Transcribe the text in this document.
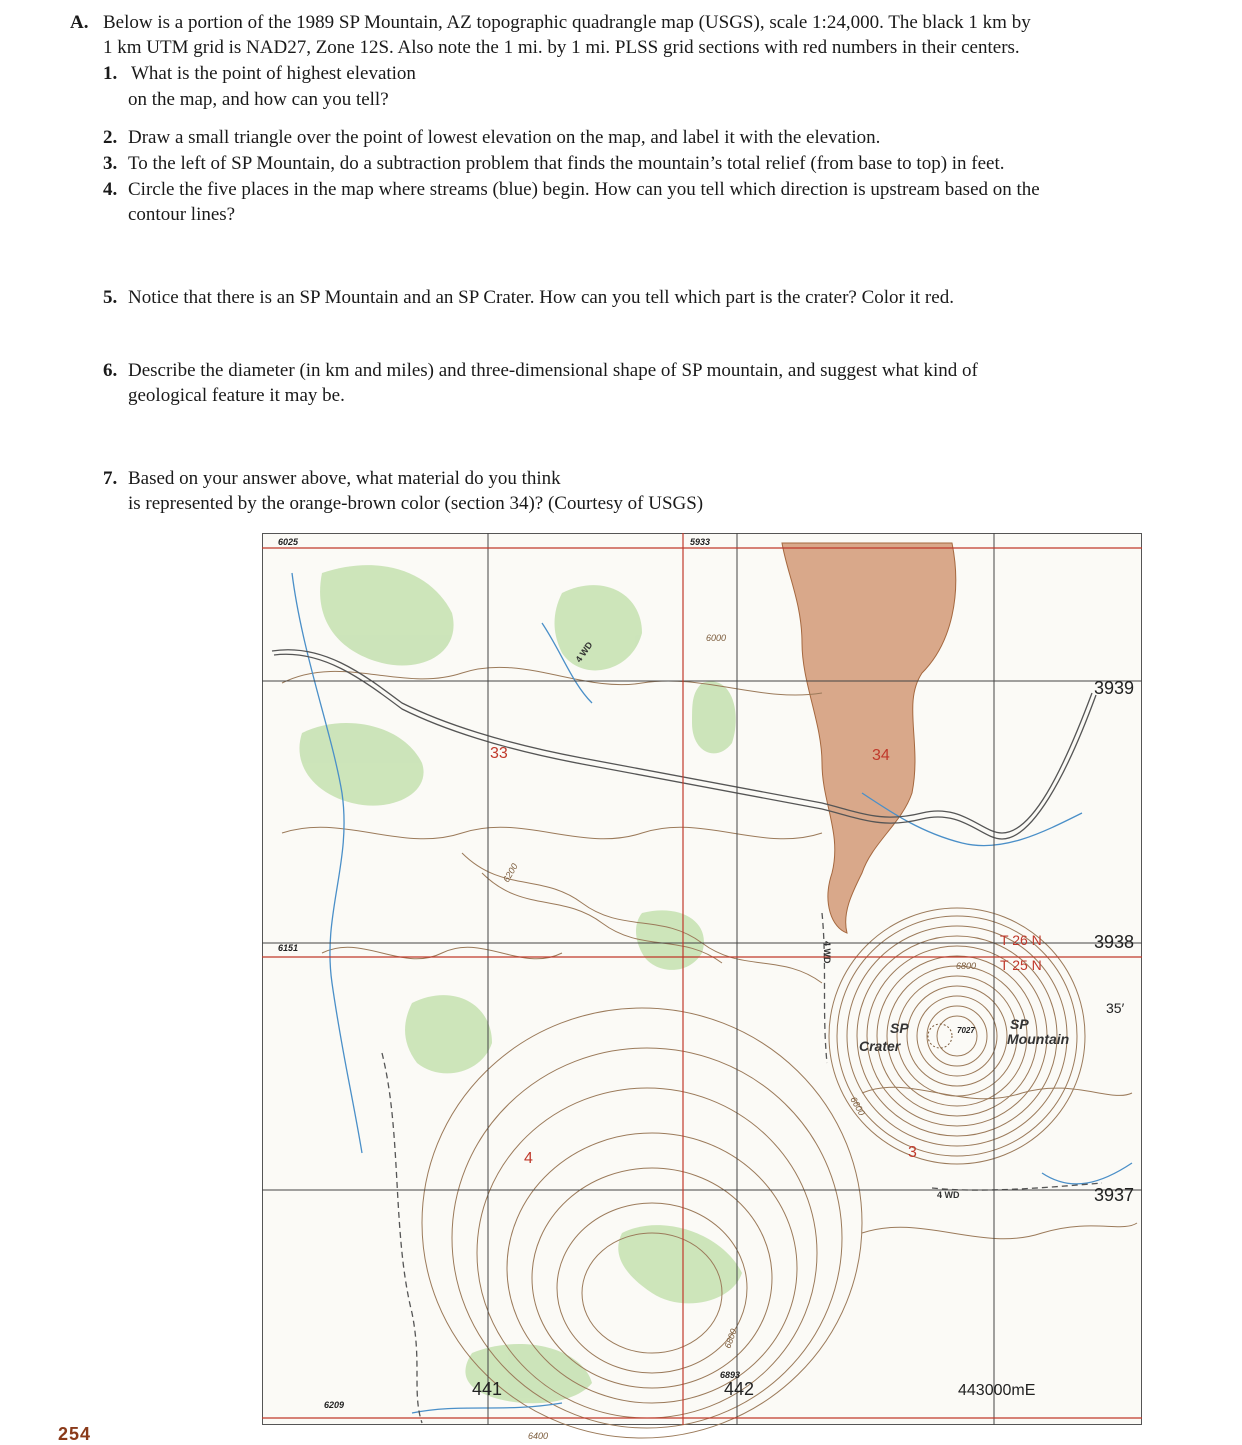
A. Below is a portion of the 1989 SP Mountain, AZ topographic quadrangle map (USGS), scale 1:24,000. The black 1 km by
1 km UTM grid is NAD27, Zone 12S. Also note the 1 mi. by 1 mi. PLSS grid sections with red numbers in their centers.
1. What is the point of highest elevation
on the map, and how can you tell?
2. Draw a small triangle over the point of lowest elevation on the map, and label it with the elevation.
3. To the left of SP Mountain, do a subtraction problem that finds the mountain’s total relief (from base to top) in feet.
4. Circle the five places in the map where streams (blue) begin. How can you tell which direction is upstream based on the
contour lines?
5. Notice that there is an SP Mountain and an SP Crater. How can you tell which part is the crater? Color it red.
6. Describe the diameter (in km and miles) and three-dimensional shape of SP mountain, and suggest what kind of
geological feature it may be.
7. Based on your answer above, what material do you think
is represented by the orange-brown color (section 34)? (Courtesy of USGS)
33	34
4	3
T 26 N
T 25 N
6025	5933
6151
6209
6893
7027
6000
6200
6800
6600
6400
6800
4 WD
4 WD
4 WD
SP
Crater
SP
Mountain
3939
3938
3937
35′
441	442	443000mE
254
